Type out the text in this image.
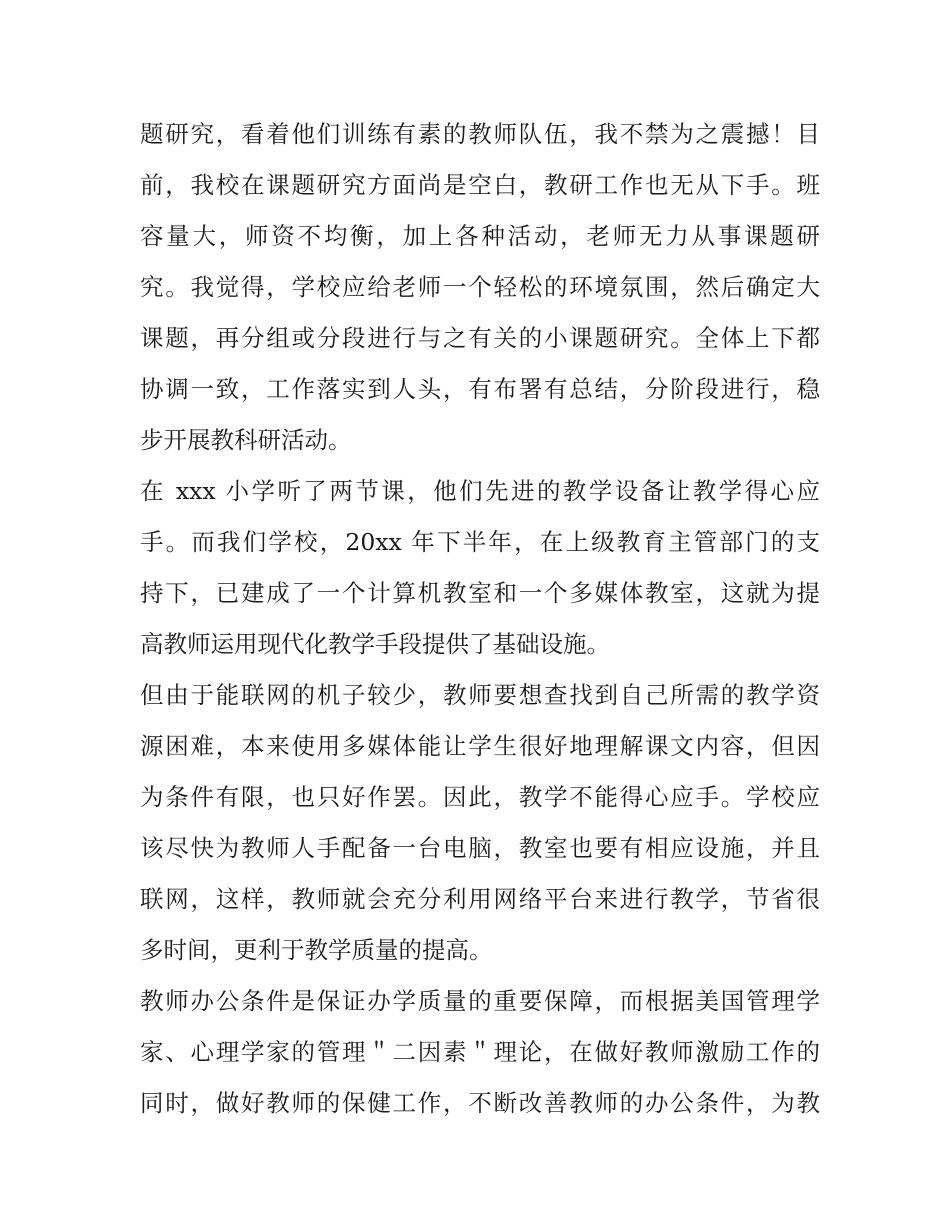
题研究，看着他们训练有素的教师队伍，我不禁为之震撼！目
前，我校在课题研究方面尚是空白，教研工作也无从下手。班
容量大，师资不均衡，加上各种活动，老师无力从事课题研
究。我觉得，学校应给老师一个轻松的环境氛围，然后确定大
课题，再分组或分段进行与之有关的小课题研究。全体上下都
协调一致，工作落实到人头，有布署有总结，分阶段进行，稳
步开展教科研活动。
在 xxx 小学听了两节课，他们先进的教学设备让教学得心应
手。而我们学校，20xx 年下半年，在上级教育主管部门的支
持下，已建成了一个计算机教室和一个多媒体教室，这就为提
高教师运用现代化教学手段提供了基础设施。
但由于能联网的机子较少，教师要想查找到自己所需的教学资
源困难，本来使用多媒体能让学生很好地理解课文内容，但因
为条件有限，也只好作罢。因此，教学不能得心应手。学校应
该尽快为教师人手配备一台电脑，教室也要有相应设施，并且
联网，这样，教师就会充分利用网络平台来进行教学，节省很
多时间，更利于教学质量的提高。
教师办公条件是保证办学质量的重要保障，而根据美国管理学
家、心理学家的管理＂二因素＂理论，在做好教师激励工作的
同时，做好教师的保健工作，不断改善教师的办公条件，为教
